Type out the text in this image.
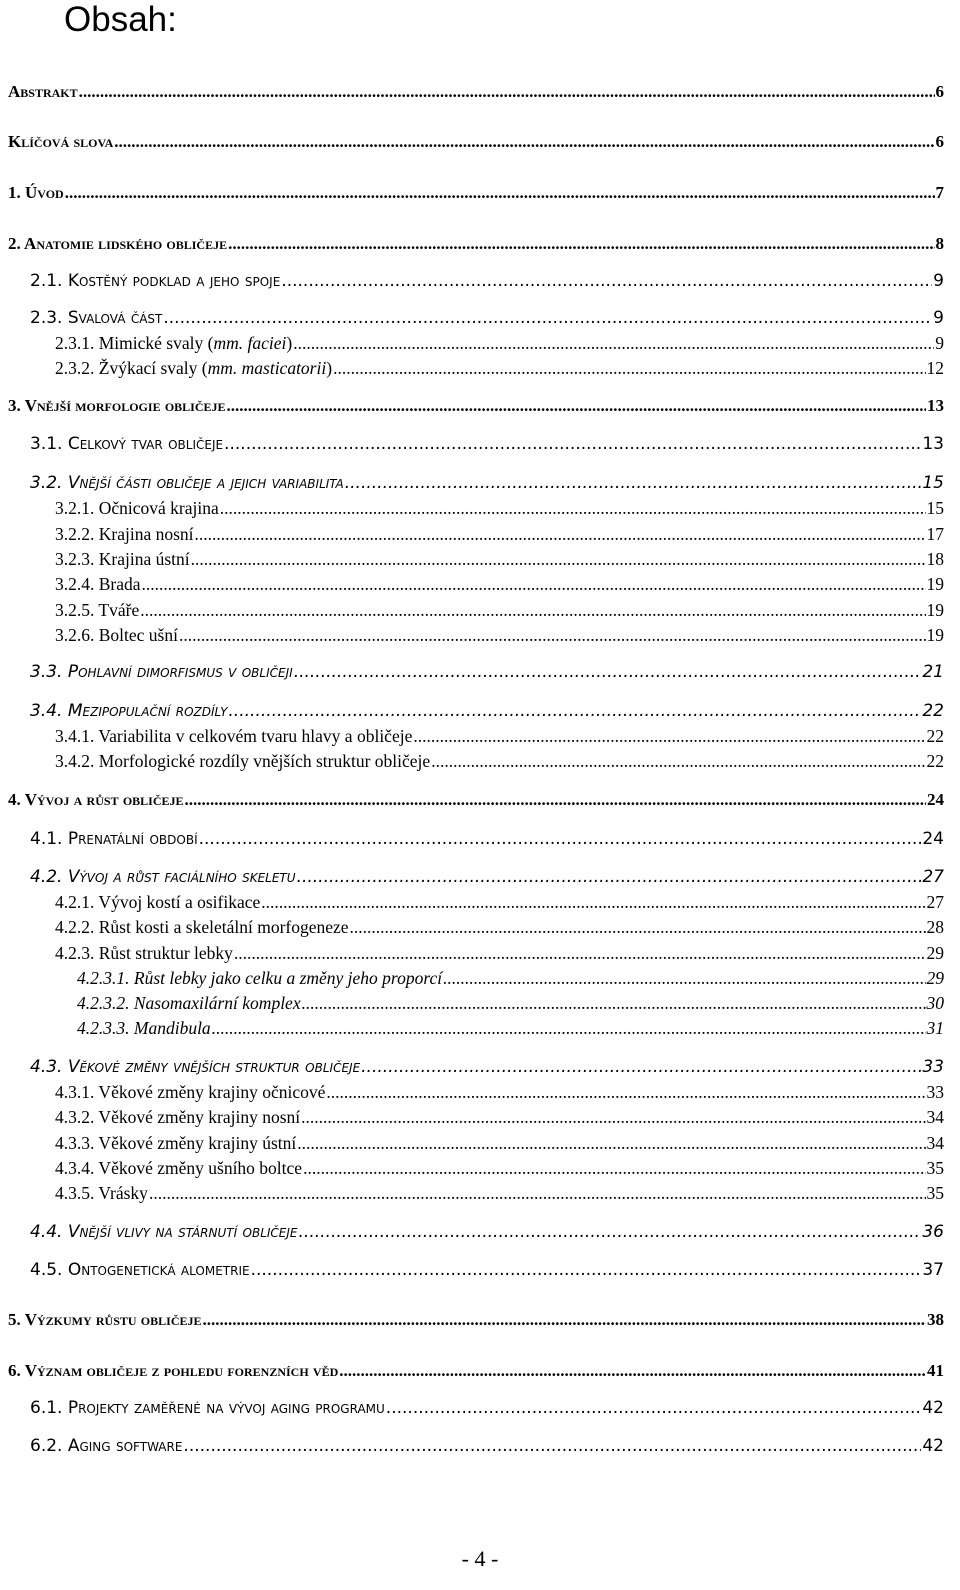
Obsah:
Abstrakt .....	6
Klíčová slova .....	6
1. Úvod .....	7
2. Anatomie lidského obličeje .....	8
2.1. Kostěný podklad a jeho spoje .....	9
2.3. Svalová část .....	9
2.3.1. Mimické svaly (mm. faciei) .....	9
2.3.2. Žvýkací svaly (mm. masticatorii) .....	12
3. Vnější morfologie obličeje .....	13
3.1. Celkový tvar obličeje .....	13
3.2. Vnější části obličeje a jejich variabilita .....	15
3.2.1. Očnicová krajina .....	15
3.2.2. Krajina nosní .....	17
3.2.3. Krajina ústní .....	18
3.2.4. Brada .....	19
3.2.5. Tváře .....	19
3.2.6. Boltec ušní .....	19
3.3. Pohlavní dimorfismus v obličeji .....	21
3.4. Mezipopulační rozdíly .....	22
3.4.1. Variabilita v celkovém tvaru hlavy a obličeje .....	22
3.4.2. Morfologické rozdíly vnějších struktur obličeje .....	22
4. Vývoj a růst obličeje .....	24
4.1. Prenatální období .....	24
4.2. Vývoj a růst faciálního skeletu .....	27
4.2.1. Vývoj kostí a osifikace .....	27
4.2.2. Růst kosti a skeletální morfogeneze .....	28
4.2.3. Růst struktur lebky .....	29
4.2.3.1. Růst lebky jako celku a změny jeho proporcí .....	29
4.2.3.2. Nasomaxilární komplex .....	30
4.2.3.3. Mandibula .....	31
4.3. Věkové změny vnějších struktur obličeje .....	33
4.3.1. Věkové změny krajiny očnicové .....	33
4.3.2. Věkové změny krajiny nosní .....	34
4.3.3. Věkové změny krajiny ústní .....	34
4.3.4. Věkové změny ušního boltce .....	35
4.3.5. Vrásky .....	35
4.4. Vnější vlivy na stárnutí obličeje .....	36
4.5. Ontogenetická alometrie .....	37
5. Výzkumy růstu obličeje .....	38
6. Význam obličeje z pohledu forenzních věd .....	41
6.1. Projekty zaměřené na vývoj aging programu .....	42
6.2. Aging software .....	42
- 4 -
